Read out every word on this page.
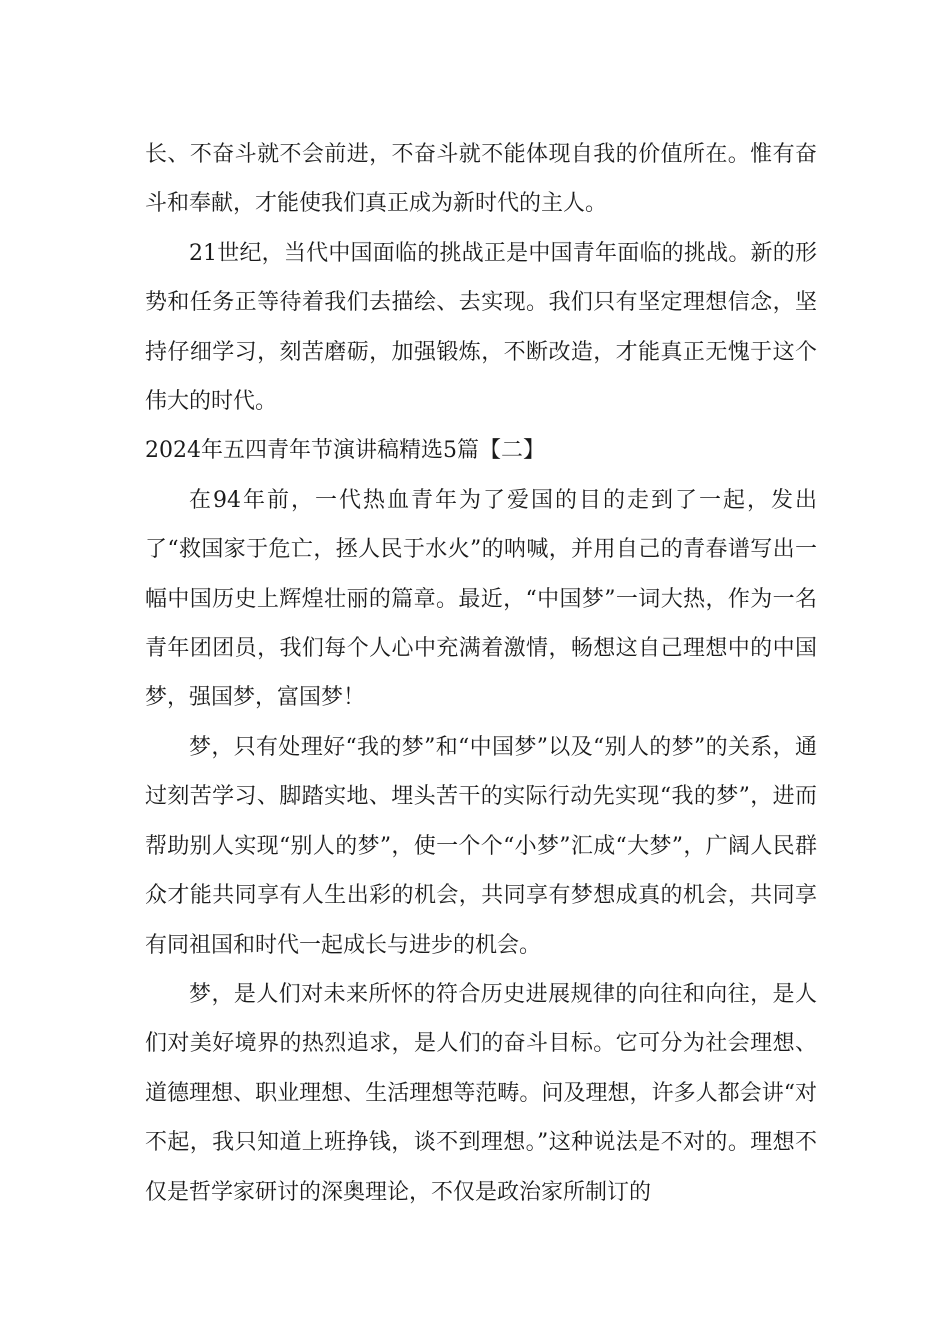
长、不奋斗就不会前进，不奋斗就不能体现自我的价值所在。惟有奋斗和奉献，才能使我们真正成为新时代的主人。

21世纪，当代中国面临的挑战正是中国青年面临的挑战。新的形势和任务正等待着我们去描绘、去实现。我们只有坚定理想信念，坚持仔细学习，刻苦磨砺，加强锻炼，不断改造，才能真正无愧于这个伟大的时代。

2024年五四青年节演讲稿精选5篇【二】

在94年前，一代热血青年为了爱国的目的走到了一起，发出了“救国家于危亡，拯人民于水火”的呐喊，并用自己的青春谱写出一幅中国历史上辉煌壮丽的篇章。最近，“中国梦”一词大热，作为一名青年团团员，我们每个人心中充满着激情，畅想这自己理想中的中国梦，强国梦，富国梦！

梦，只有处理好“我的梦”和“中国梦”以及“别人的梦”的关系，通过刻苦学习、脚踏实地、埋头苦干的实际行动先实现“我的梦”，进而帮助别人实现“别人的梦”，使一个个“小梦”汇成“大梦”，广阔人民群众才能共同享有人生出彩的机会，共同享有梦想成真的机会，共同享有同祖国和时代一起成长与进步的机会。

梦，是人们对未来所怀的符合历史进展规律的向往和向往，是人们对美好境界的热烈追求，是人们的奋斗目标。它可分为社会理想、道德理想、职业理想、生活理想等范畴。问及理想，许多人都会讲“对不起，我只知道上班挣钱，谈不到理想。”这种说法是不对的。理想不仅是哲学家研讨的深奥理论，不仅是政治家所制订的
